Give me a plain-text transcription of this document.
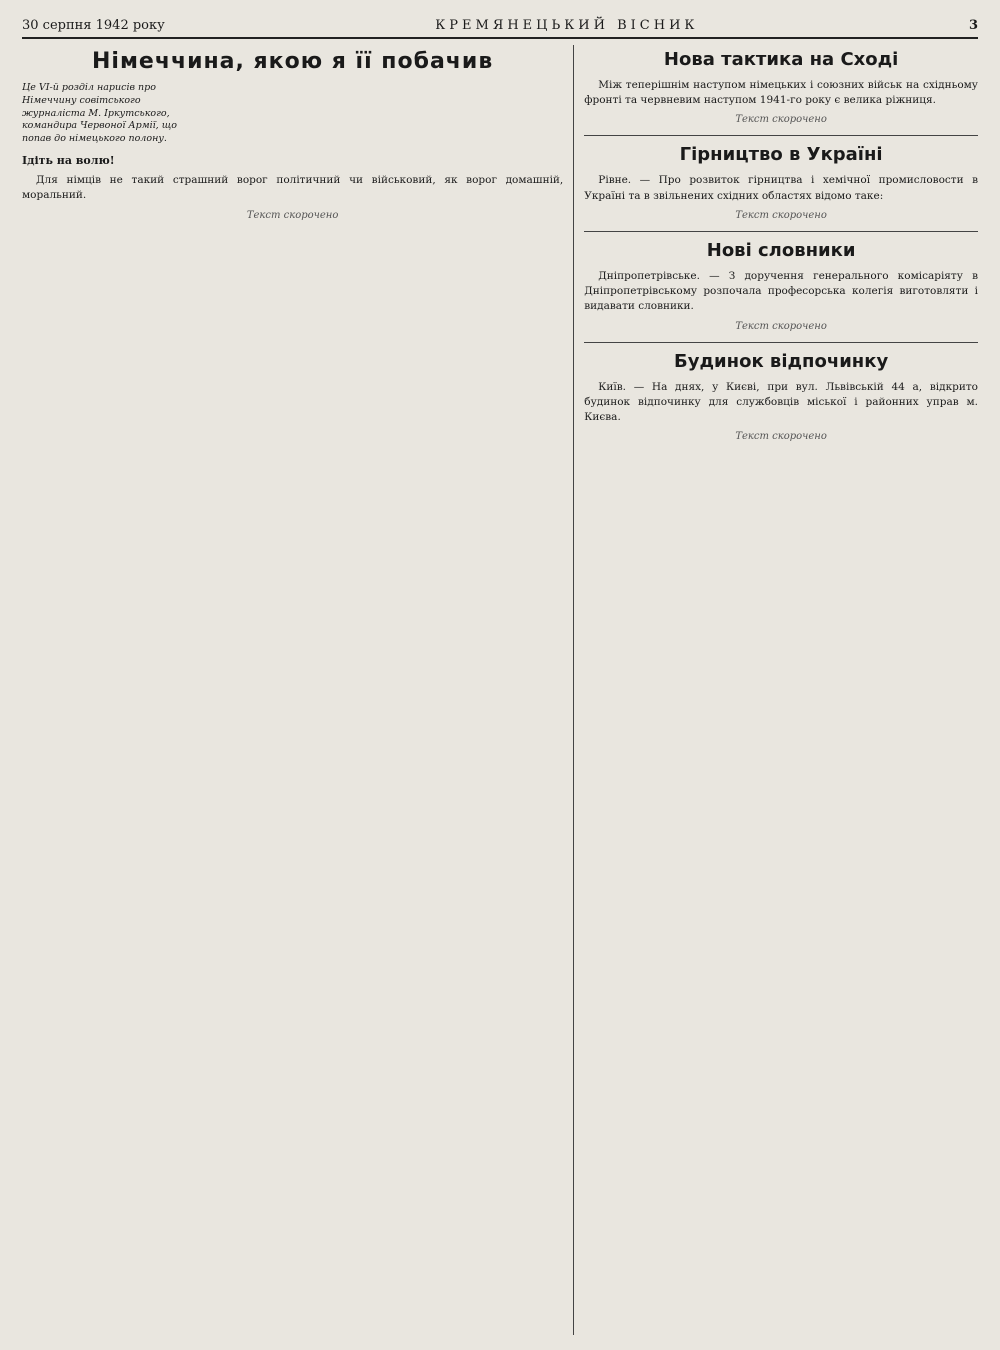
30 серпня 1942 року	КРЕМЯНЕЦЬКИЙ ВІСНИК	3
Німеччина, якою я її побачив
Це VI-й розділ нарисів про Німеччину совітського журналіста М. Іркутського, командира Червоної Армії, що попав до німецького полону.
Ідіть на волю!

Для німців не такий страшний ворог політичний чи військовий, як ворог домашній, моральний.

Текст скорочено
Нова тактика на Сході

Між теперішнім наступом німецьких і союзних військ на східньому фронті та червневим наступом 1941-го року є велика ріжниця.

Текст скорочено
Гірництво в Україні

Рівне. — Про розвиток гірництва і хемічної промисловости в Україні та в звільнених східних областях відомо таке:

Текст скорочено
Нові словники

Дніпропетрівське. — З доручення генерального комісаріяту в Дніпропетрівському розпочала професорська колегія виготовляти і видавати словники.

Текст скорочено
Будинок відпочинку

Київ. — На днях, у Києві, при вул. Львівській 44 а, відкрито будинок відпочинку для службовців міської і районних управ м. Києва.

Текст скорочено
